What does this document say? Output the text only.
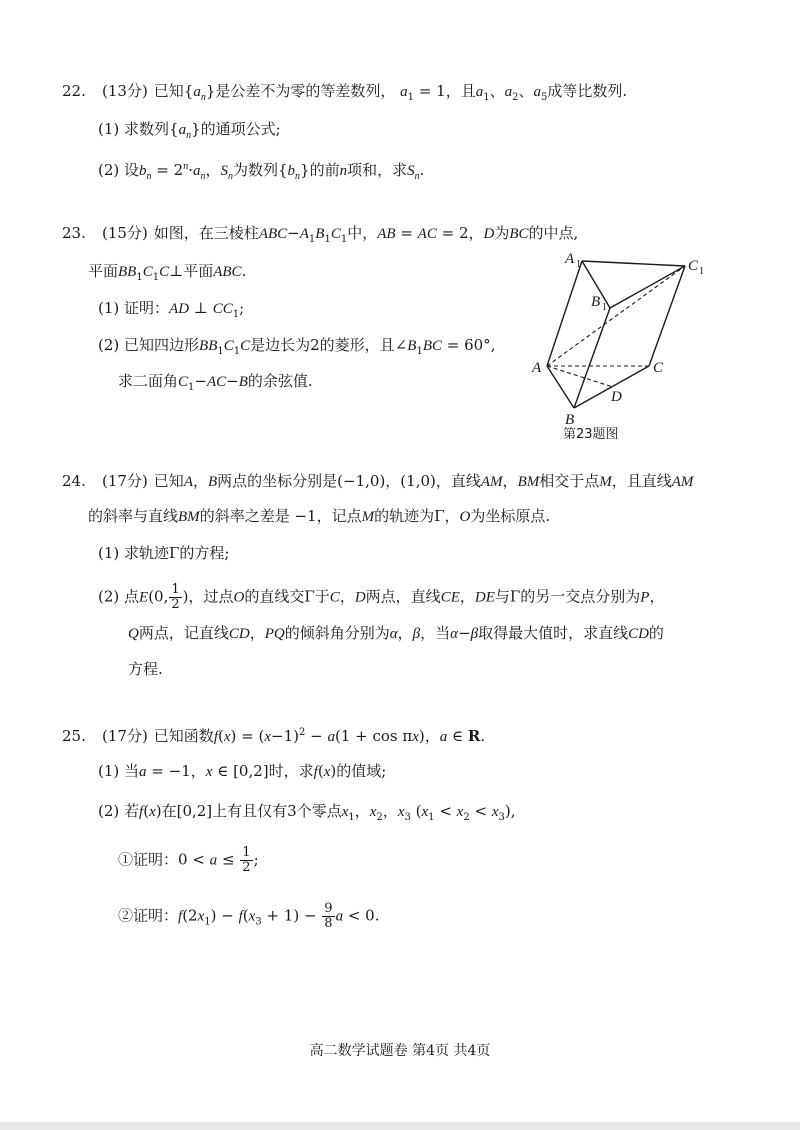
22. (13分) 已知$\{a_n\}$是公差不为零的等差数列， $a_1 = 1$，且$a_1$、$a_2$、$a_5$成等比数列.
(1) 求数列$\{a_n\}$的通项公式;
(2) 设$b_n = 2^n\cdot a_n$，$S_n$为数列$\{b_n\}$的前n项和，求$S_n$.
23. (15分) 如图，在三棱柱$ABC-A_1B_1C_1$中，AB = AC = 2，D为BC的中点,
平面$BB_1C_1C\perp$平面ABC.
(1) 证明：AD ⊥ $CC_1$;
(2) 已知四边形$BB_1C_1C$是边长为2的菱形，且$\angle B_1BC = 60^\circ$,
求二面角$C_1-AC-B$的余弦值.
A 1	C 1
B 1
A	C
D
B
第23题图
24. (17分) 已知A，B两点的坐标分别是(−1,0)，(1,0)，直线AM，BM相交于点M，且直线AM
的斜率与直线BM的斜率之差是 −1，记点M的轨迹为Γ，O为坐标原点.
(1) 求轨迹Γ的方程;
(2) 点E(0, $\frac{1}{2}$ )，过点O的直线交Γ于C，D两点，直线CE，DE与Γ的另一交点分别为P，
Q两点，记直线CD，PQ的倾斜角分别为α，β，当α−β取得最大值时，求直线CD的
方程.
25. (17分) 已知函数$f(x) = (x-1)^2 - a(1 + \cos \pi x)$，a ∈ R.
(1) 当a = −1，x ∈ [0,2]时，求f(x)的值域;
(2) 若f(x)在[0,2]上有且仅有3个零点$x_1$，$x_2$，$x_3$ $(x_1 < x_2 < x_3)$,
①证明：$0 < a \le \frac{1}{2}$ ;
②证明：$f(2x_1) - f(x_3 + 1) - \frac{9}{8}$ a < 0.
高二数学试题卷 第4页 共4页
